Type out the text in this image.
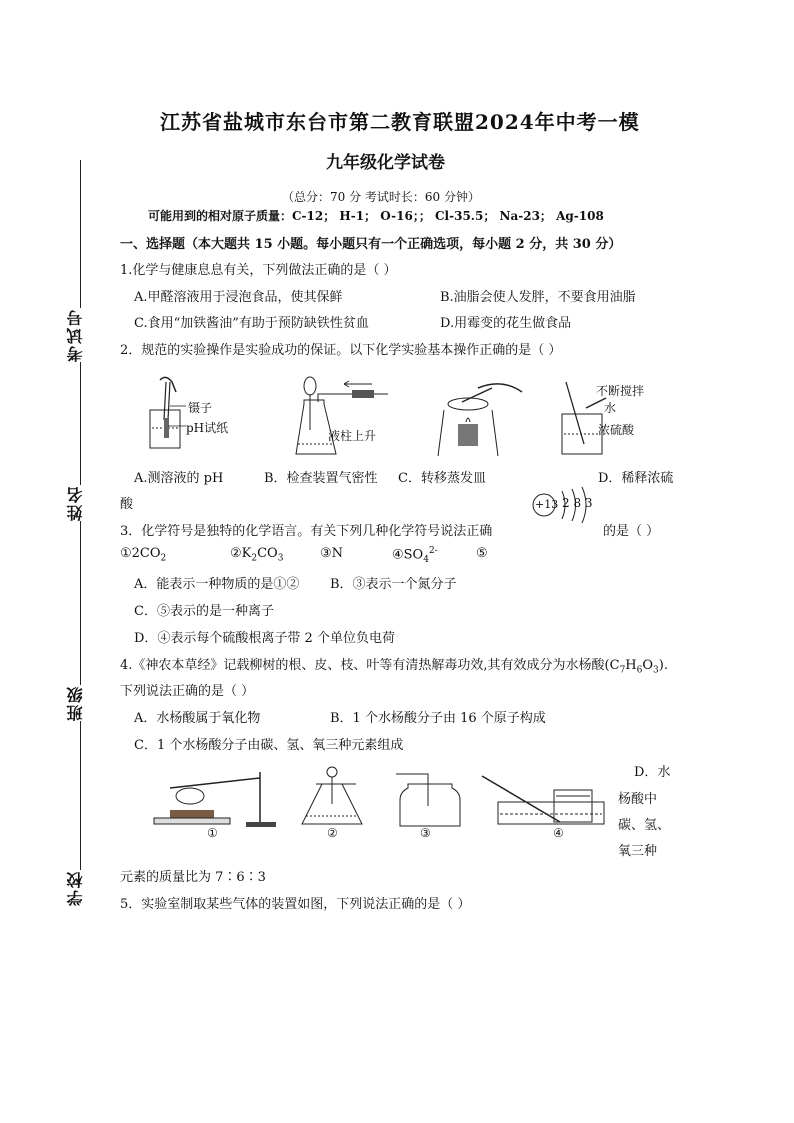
考试号
姓名
班级
学校
江苏省盐城市东台市第二教育联盟2024年中考一模
九年级化学试卷
（总分：70 分 考试时长：60 分钟）
可能用到的相对原子质量：C-12； H-1； O-16；； Cl-35.5； Na-23； Ag-108
一、选择题（本大题共 15 小题。每小题只有一个正确选项，每小题 2 分，共 30 分）
1.化学与健康息息有关，下列做法正确的是（ ）
A.甲醛溶液用于浸泡食品，使其保鲜	B.油脂会使人发胖，不要食用油脂
C.食用“加铁酱油”有助于预防缺铁性贫血	D.用霉变的花生做食品
2．规范的实验操作是实验成功的保证。以下化学实验基本操作正确的是（ ）
镊子
pH试纸
液柱上升
不断搅拌
水
浓硫酸
A.测溶液的 pH	B．检查装置气密性 C．转移蒸发皿	D．稀释浓硫
酸	+13 2 8 3
3．化学符号是独特的化学语言。有关下列几种化学符号说法正确	的是（ ）
$①2CO_2$	$②K_2CO_3$	③N	$④SO_4^{2-}$	⑤
A．能表示一种物质的是①② B．③表示一个氮分子
C．⑤表示的是一种离子
D．④表示每个硫酸根离子带 2 个单位负电荷
4.《神农本草经》记载柳树的根、皮、枝、叶等有清热解毒功效,其有效成分为水杨酸$(C_7H_6O_3)$.
下列说法正确的是（ ）
A．水杨酸属于氧化物	B．1 个水杨酸分子由 16 个原子构成
C．1 个水杨酸分子由碳、氢、氧三种元素组成
①	②	③	④
D．水
杨酸中
碳、氢、
氧三种
元素的质量比为 7∶6∶3
5．实验室制取某些气体的装置如图，下列说法正确的是（ ）
